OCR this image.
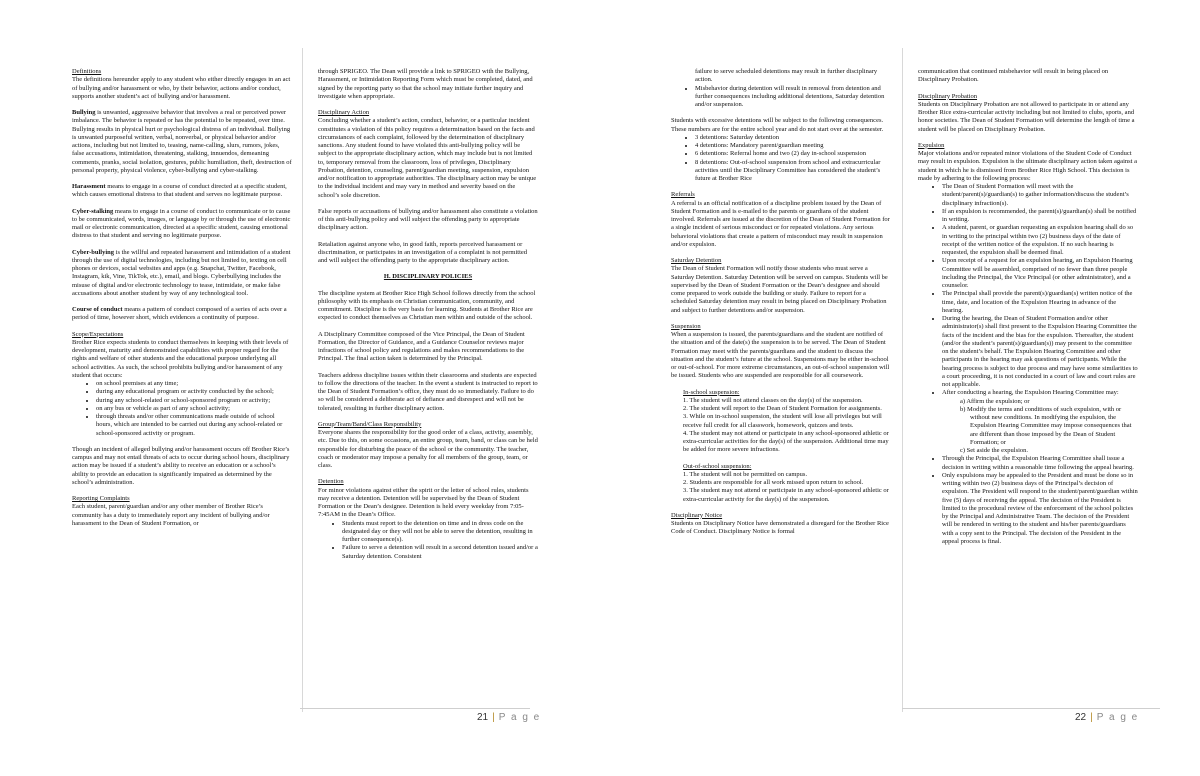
Definitions
The definitions hereunder apply to any student who either directly engages in an act of bullying and/or harassment or who, by their behavior, actions and/or conduct, supports another student’s act of bullying and/or harassment.

Bullying is unwanted, aggressive behavior that involves a real or perceived power imbalance. The behavior is repeated or has the potential to be repeated, over time. Bullying results in physical hurt or psychological distress of an individual. Bullying is unwanted purposeful written, verbal, nonverbal, or physical behavior and/or actions, including but not limited to, teasing, name-calling, slurs, rumors, jokes, false accusations, intimidation, threatening, stalking, innuendos, demeaning comments, pranks, social isolation, gestures, public humiliation, theft, destruction of personal property, physical violence, cyber-bullying and cyber-stalking.

Harassment means to engage in a course of conduct directed at a specific student, which causes emotional distress to that student and serves no legitimate purpose.

Cyber-stalking means to engage in a course of conduct to communicate or to cause to be communicated, words, images, or language by or through the use of electronic mail or electronic communication, directed at a specific student, causing emotional distress to that student and serving no legitimate purpose.

Cyber-bullying is the willful and repeated harassment and intimidation of a student through the use of digital technologies, including but not limited to, texting on cell phones or devices, social websites and apps (e.g. Snapchat, Twitter, Facebook, Instagram, kik, Vine, TikTok, etc.), email, and blogs. Cyberbullying includes the misuse of digital and/or electronic technology to tease, intimidate, or make false accusations about another student by way of any technological tool.

Course of conduct means a pattern of conduct composed of a series of acts over a period of time, however short, which evidences a continuity of purpose.

Scope/Expectations
Brother Rice expects students to conduct themselves in keeping with their levels of development, maturity and demonstrated capabilities with proper regard for the rights and welfare of other students and the educational purpose underlying all school activities. As such, the school prohibits bullying and/or harassment of any student that occurs:

• on school premises at any time;
• during any educational program or activity conducted by the school;
• during any school-related or school-sponsored program or activity;
• on any bus or vehicle as part of any school activity;
• through threats and/or other communications made outside of school hours, which are intended to be carried out during any school-related or school-sponsored activity or program.

Though an incident of alleged bullying and/or harassment occurs off Brother Rice’s campus and may not entail threats of acts to occur during school hours, disciplinary action may be issued if a student’s ability to receive an education or a school’s ability to provide an education is significantly impaired as determined by the school’s administration.

Reporting Complaints
Each student, parent/guardian and/or any other member of Brother Rice’s community has a duty to immediately report any incident of bullying and/or harassment to the Dean of Student Formation, or

through SPRIGEO. The Dean will provide a link to SPRIGEO with the Bullying, Harassment, or Intimidation Reporting Form which must be completed, dated, and signed by the reporting party so that the school may initiate further inquiry and investigate when appropriate.

Disciplinary Action
Concluding whether a student’s action, conduct, behavior, or a particular incident constitutes a violation of this policy requires a determination based on the facts and circumstances of each complaint, followed by the determination of disciplinary sanctions. Any student found to have violated this anti-bullying policy will be subject to the appropriate disciplinary action, which may include but is not limited to, temporary removal from the classroom, loss of privileges, Disciplinary Probation, detention, counseling, parent/guardian meeting, suspension, expulsion and/or notification to appropriate authorities. The disciplinary action may be unique to the individual incident and may vary in method and severity based on the school’s sole discretion.

False reports or accusations of bullying and/or harassment also constitute a violation of this anti-bullying policy and will subject the offending party to appropriate disciplinary action.

Retaliation against anyone who, in good faith, reports perceived harassment or discrimination, or participates in an investigation of a complaint is not permitted and will subject the offending party to the appropriate disciplinary action.

H. DISCIPLINARY POLICIES

The discipline system at Brother Rice High School follows directly from the school philosophy with its emphasis on Christian communication, community, and commitment. Discipline is the very basis for learning. Students at Brother Rice are expected to conduct themselves as Christian men within and outside of the school.

A Disciplinary Committee composed of the Vice Principal, the Dean of Student Formation, the Director of Guidance, and a Guidance Counselor reviews major infractions of school policy and regulations and makes recommendations to the Principal. The final action taken is determined by the Principal.

Teachers address discipline issues within their classrooms and students are expected to follow the directions of the teacher. In the event a student is instructed to report to the Dean of Student Formation’s office, they must do so immediately. Failure to do so will be considered a deliberate act of defiance and disrespect and will not be tolerated, resulting in further disciplinary action.

Group/Team/Band/Class Responsibility
Everyone shares the responsibility for the good order of a class, activity, assembly, etc. Due to this, on some occasions, an entire group, team, band, or class can be held responsible for disturbing the peace of the school or the community. The teacher, coach or moderator may impose a penalty for all members of the group, team, or class.

Detention
For minor violations against either the spirit or the letter of school rules, students may receive a detention. Detention will be supervised by the Dean of Student Formation or the Dean’s designee. Detention is held every weekday from 7:05-7:45AM in the Dean’s Office.

• Students must report to the detention on time and in dress code on the designated day or they will not be able to serve the detention, resulting in further consequence(s).
• Failure to serve a detention will result in a second detention issued and/or a Saturday detention. Consistent
failure to serve scheduled detentions may result in further disciplinary action.
• Misbehavior during detention will result in removal from detention and further consequences including additional detentions, Saturday detention and/or suspension.

Students with excessive detentions will be subject to the following consequences. These numbers are for the entire school year and do not start over at the semester.

• 3 detentions: Saturday detention
• 4 detentions: Mandatory parent/guardian meeting
• 6 detentions: Referral home and two (2) day in-school suspension
• 8 detentions: Out-of-school suspension from school and extracurricular activities until the Disciplinary Committee has considered the student’s future at Brother Rice

Referrals
A referral is an official notification of a discipline problem issued by the Dean of Student Formation and is e-mailed to the parents or guardians of the student involved. Referrals are issued at the discretion of the Dean of Student Formation for a single incident of serious misconduct or for repeated violations. Any serious behavioral violations that create a pattern of misconduct may result in suspension and/or expulsion.

Saturday Detention
The Dean of Student Formation will notify those students who must serve a Saturday Detention. Saturday Detention will be served on campus. Students will be supervised by the Dean of Student Formation or the Dean’s designee and should come prepared to work outside the building or study. Failure to report for a scheduled Saturday detention may result in being placed on Disciplinary Probation and subject to further detentions and/or suspension.

Suspension
When a suspension is issued, the parents/guardians and the student are notified of the situation and of the date(s) the suspension is to be served. The Dean of Student Formation may meet with the parents/guardians and the student to discuss the situation and the student’s future at the school. Suspensions may be either in-school or out-of-school. For more extreme circumstances, an out-of-school suspension will be issued. Students who are suspended are responsible for all coursework.

In-school suspension:
1. The student will not attend classes on the day(s) of the suspension.
2. The student will report to the Dean of Student Formation for assignments.
3. While on in-school suspension, the student will lose all privileges but will receive full credit for all classwork, homework, quizzes and tests.
4. The student may not attend or participate in any school-sponsored athletic or extra-curricular activities for the day(s) of the suspension. Additional time may be added for more severe infractions.
Out-of-school suspension:
1. The student will not be permitted on campus.
2. Students are responsible for all work missed upon return to school.
3. The student may not attend or participate in any school-sponsored athletic or extra-curricular activity for the day(s) of the suspension.

Disciplinary Notice
Students on Disciplinary Notice have demonstrated a disregard for the Brother Rice Code of Conduct. Disciplinary Notice is formal

communication that continued misbehavior will result in being placed on Disciplinary Probation.

Disciplinary Probation
Students on Disciplinary Probation are not allowed to participate in or attend any Brother Rice extra-curricular activity including but not limited to clubs, sports, and honor societies. The Dean of Student Formation will determine the length of time a student will be placed on Disciplinary Probation.

Expulsion
Major violations and/or repeated minor violations of the Student Code of Conduct may result in expulsion. Expulsion is the ultimate disciplinary action taken against a student in which he is dismissed from Brother Rice High School. This decision is made by adhering to the following process:

• The Dean of Student Formation will meet with the student/parent(s)/guardian(s) to gather information/discuss the student’s disciplinary infraction(s).
• If an expulsion is recommended, the parent(s)/guardian(s) shall be notified in writing.
• A student, parent, or guardian requesting an expulsion hearing shall do so in writing to the principal within two (2) business days of the date of receipt of the written notice of the expulsion. If no such hearing is requested, the expulsion shall be deemed final.
• Upon receipt of a request for an expulsion hearing, an Expulsion Hearing Committee will be assembled, comprised of no fewer than three people including the Principal, the Vice Principal (or other administrator), and a counselor.
• The Principal shall provide the parent(s)/guardian(s) written notice of the time, date, and location of the Expulsion Hearing in advance of the hearing.
• During the hearing, the Dean of Student Formation and/or other administrator(s) shall first present to the Expulsion Hearing Committee the facts of the incident and the bias for the expulsion. Thereafter, the student (and/or the student’s parent(s)/guardian(s)) may present to the committee on the student’s behalf. The Expulsion Hearing Committee and other participants in the hearing may ask questions of participants. While the hearing process is subject to due process and may have some similarities to a court proceeding, it is not conducted in a court of law and court rules are not applicable.
• After conducting a hearing, the Expulsion Hearing Committee may:
a) Affirm the expulsion; or
b) Modify the terms and conditions of such expulsion, with or without new conditions. In modifying the expulsion, the Expulsion Hearing Committee may impose consequences that are different than those imposed by the Dean of Student Formation; or
c) Set aside the expulsion.
• Through the Principal, the Expulsion Hearing Committee shall issue a decision in writing within a reasonable time following the appeal hearing.
• Only expulsions may be appealed to the President and must be done so in writing within two (2) business days of the Principal’s decision of expulsion. The President will respond to the student/parent/guardian within five (5) days of receiving the appeal. The decision of the President is limited to the procedural review of the enforcement of the school policies by the Principal and Administrative Team. The decision of the President will be rendered in writing to the student and his/her parents/guardians with a copy sent to the Principal. The decision of the President in the appeal process is final.
21 | P a g e	22 | P a g e
